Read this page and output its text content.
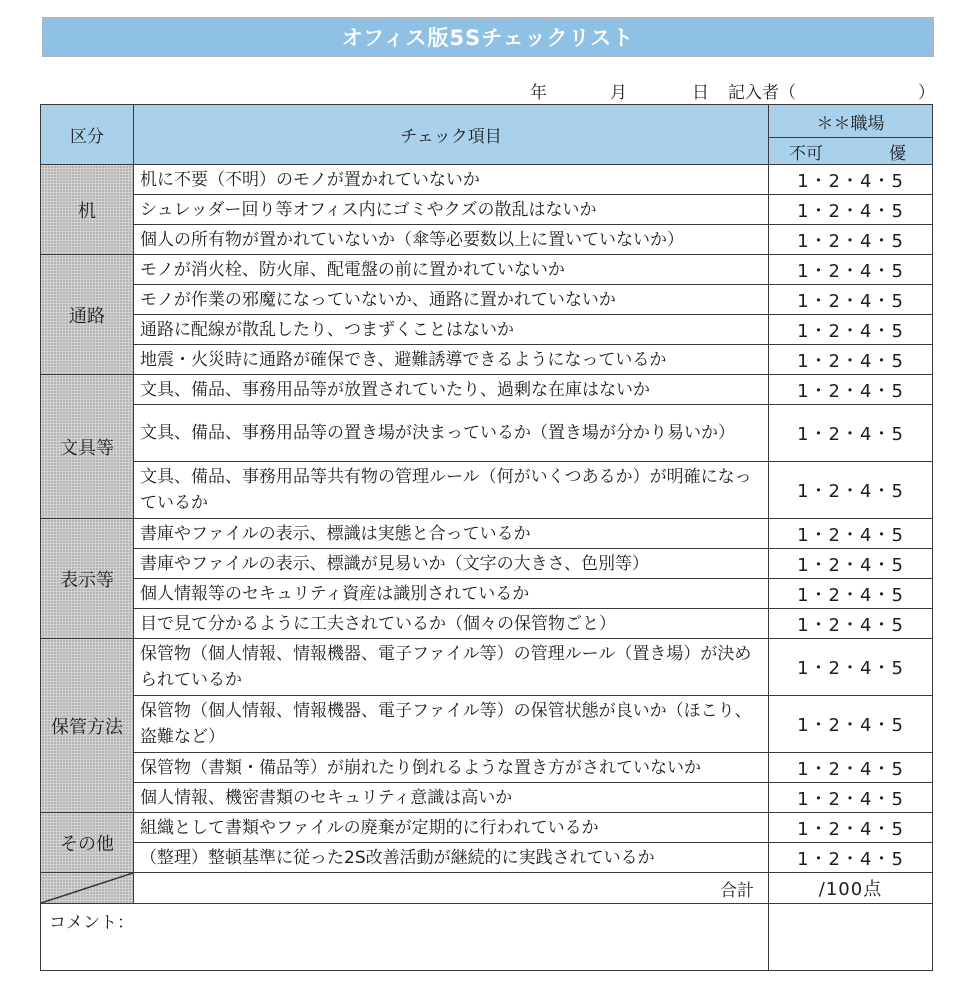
オフィス版5Sチェックリスト
年	月	日 記入者（	）
区分	チェック項目	＊＊職場

		不可 優

机	机に不要（不明）のモノが置かれていないか	1・2・4・5
	シュレッダー回り等オフィス内にゴミやクズの散乱はないか	1・2・4・5
	個人の所有物が置かれていないか（傘等必要数以上に置いていないか）	1・2・4・5
通路	モノが消火栓、防火扉、配電盤の前に置かれていないか	1・2・4・5
	モノが作業の邪魔になっていないか、通路に置かれていないか	1・2・4・5
	通路に配線が散乱したり、つまずくことはないか	1・2・4・5
	地震・火災時に通路が確保でき、避難誘導できるようになっているか	1・2・4・5
文具等	文具、備品、事務用品等が放置されていたり、過剰な在庫はないか	1・2・4・5
	文具、備品、事務用品等の置き場が決まっているか（置き場が分かり易いか）	1・2・4・5
	文具、備品、事務用品等共有物の管理ルール（何がいくつあるか）が明確になっているか	1・2・4・5
表示等	書庫やファイルの表示、標識は実態と合っているか	1・2・4・5
	書庫やファイルの表示、標識が見易いか（文字の大きさ、色別等）	1・2・4・5
	個人情報等のセキュリティ資産は識別されているか	1・2・4・5
	目で見て分かるように工夫されているか（個々の保管物ごと）	1・2・4・5
保管方法	保管物（個人情報、情報機器、電子ファイル等）の管理ルール（置き場）が決められているか	1・2・4・5
	保管物（個人情報、情報機器、電子ファイル等）の保管状態が良いか（ほこり、盗難など）	1・2・4・5
	保管物（書類・備品等）が崩れたり倒れるような置き方がされていないか	1・2・4・5
	個人情報、機密書類のセキュリティ意識は高いか	1・2・4・5
その他	組織として書類やファイルの廃棄が定期的に行われているか	1・2・4・5
	（整理）整頓基準に従った2S改善活動が継続的に実践されているか	1・2・4・5

	合計	/100点
コメント：		
